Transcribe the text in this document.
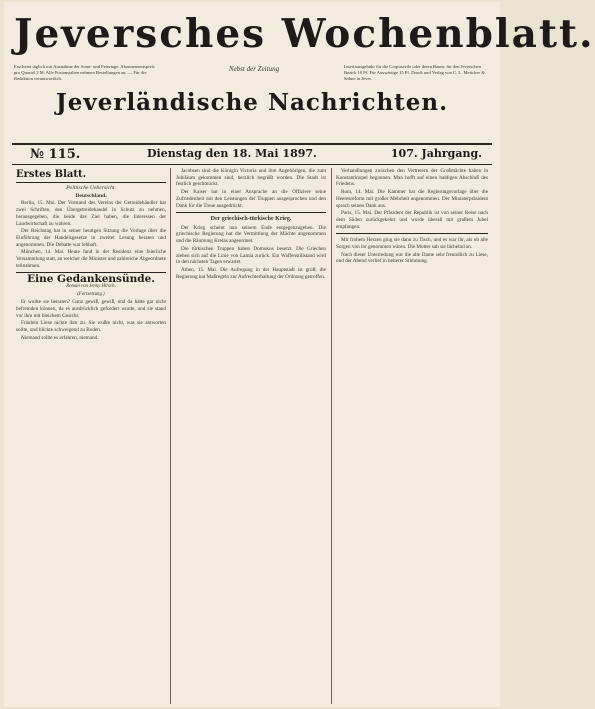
Jeversches Wochenblatt.
Erscheint täglich mit Ausnahme der Sonn- und Feiertage. Abonnementspreis pro Quartal 2 M. Alle Postanstalten nehmen Bestellungen an. — Für die Redaktion verantwortlich.
Nebst der Zeitung	Insertionsgebühr für die Corpuszeile oder deren Raum: für den Jeverschen Bezirk 10 Pf. Für Auswärtige 15 Pf. Druck und Verlag von C. L. Mettcker & Söhne in Jever.
Jeverländische Nachrichten.
№ 115.	Dienstag den 18. Mai 1897.	107. Jahrgang.
Erstes Blatt.
Politische Uebersicht.
Deutschland.

Berlin, 15. Mai. Der Vorstand des Vereins der Getreidehändler hat zwei Schriften, den Übergetreidehandel in Schutz zu nehmen, herausgegeben, die beide das Ziel haben, die Interessen der Landwirtschaft zu wahren.

Der Reichstag hat in seiner heutigen Sitzung die Vorlage über die Einführung der Handelsgesetze in zweiter Lesung beraten und angenommen. Die Debatte war lebhaft.

München, 14. Mai. Heute fand in der Residenz eine feierliche Versammlung statt, an welcher die Minister und zahlreiche Abgeordnete teilnahmen.

Eine Gedankensünde.
Roman von Jenny Hirsch.
(Fortsetzung.)

Er wollte sie heiraten? Ganz gewiß, gewiß, und da hätte gar nicht befremden können, da es ausdrücklich gefordert wurde, und sie stand vor ihm mit bleichem Gesicht.

Fräulein Liese nickte ihm zu. Sie wußte nicht, was sie antworten sollte, und blickte schweigend zu Boden.

Niemand sollte es erfahren, niemand.

Jacobsen sind die Königin Victoria und ihre Angehörigen, die zum Jubiläum gekommen sind, herzlich begrüßt worden. Die Stadt ist festlich geschmückt.

Der Kaiser hat in einer Ansprache an die Offiziere seine Zufriedenheit mit den Leistungen der Truppen ausgesprochen und den Dank für die Treue ausgedrückt.

Der griechisch-türkische Krieg.

Der Krieg scheint nun seinem Ende entgegenzugehen. Die griechische Regierung hat die Vermittlung der Mächte angenommen und die Räumung Kretas angeordnet.

Die türkischen Truppen haben Domokos besetzt. Die Griechen ziehen sich auf die Linie von Lamia zurück. Ein Waffenstillstand wird in den nächsten Tagen erwartet.

Athen, 15. Mai. Die Aufregung in der Hauptstadt ist groß; die Regierung hat Maßregeln zur Aufrechterhaltung der Ordnung getroffen.

Verhandlungen zwischen den Vertretern der Großmächte haben in Konstantinopel begonnen. Man hofft auf einen baldigen Abschluß des Friedens.

Rom, 14. Mai. Die Kammer hat die Regierungsvorlage über die Heeresreform mit großer Mehrheit angenommen. Der Ministerpräsident sprach seinen Dank aus.

Paris, 15. Mai. Der Präsident der Republik ist von seiner Reise nach dem Süden zurückgekehrt und wurde überall mit großem Jubel empfangen.

Mit frohem Herzen ging sie dann zu Tisch, und es war ihr, als ob alle Sorgen von ihr genommen wären. Die Mutter sah sie lächelnd an.

Nach dieser Unterredung war die alte Dame sehr freundlich zu Liese, und der Abend verlief in heiterer Stimmung.
